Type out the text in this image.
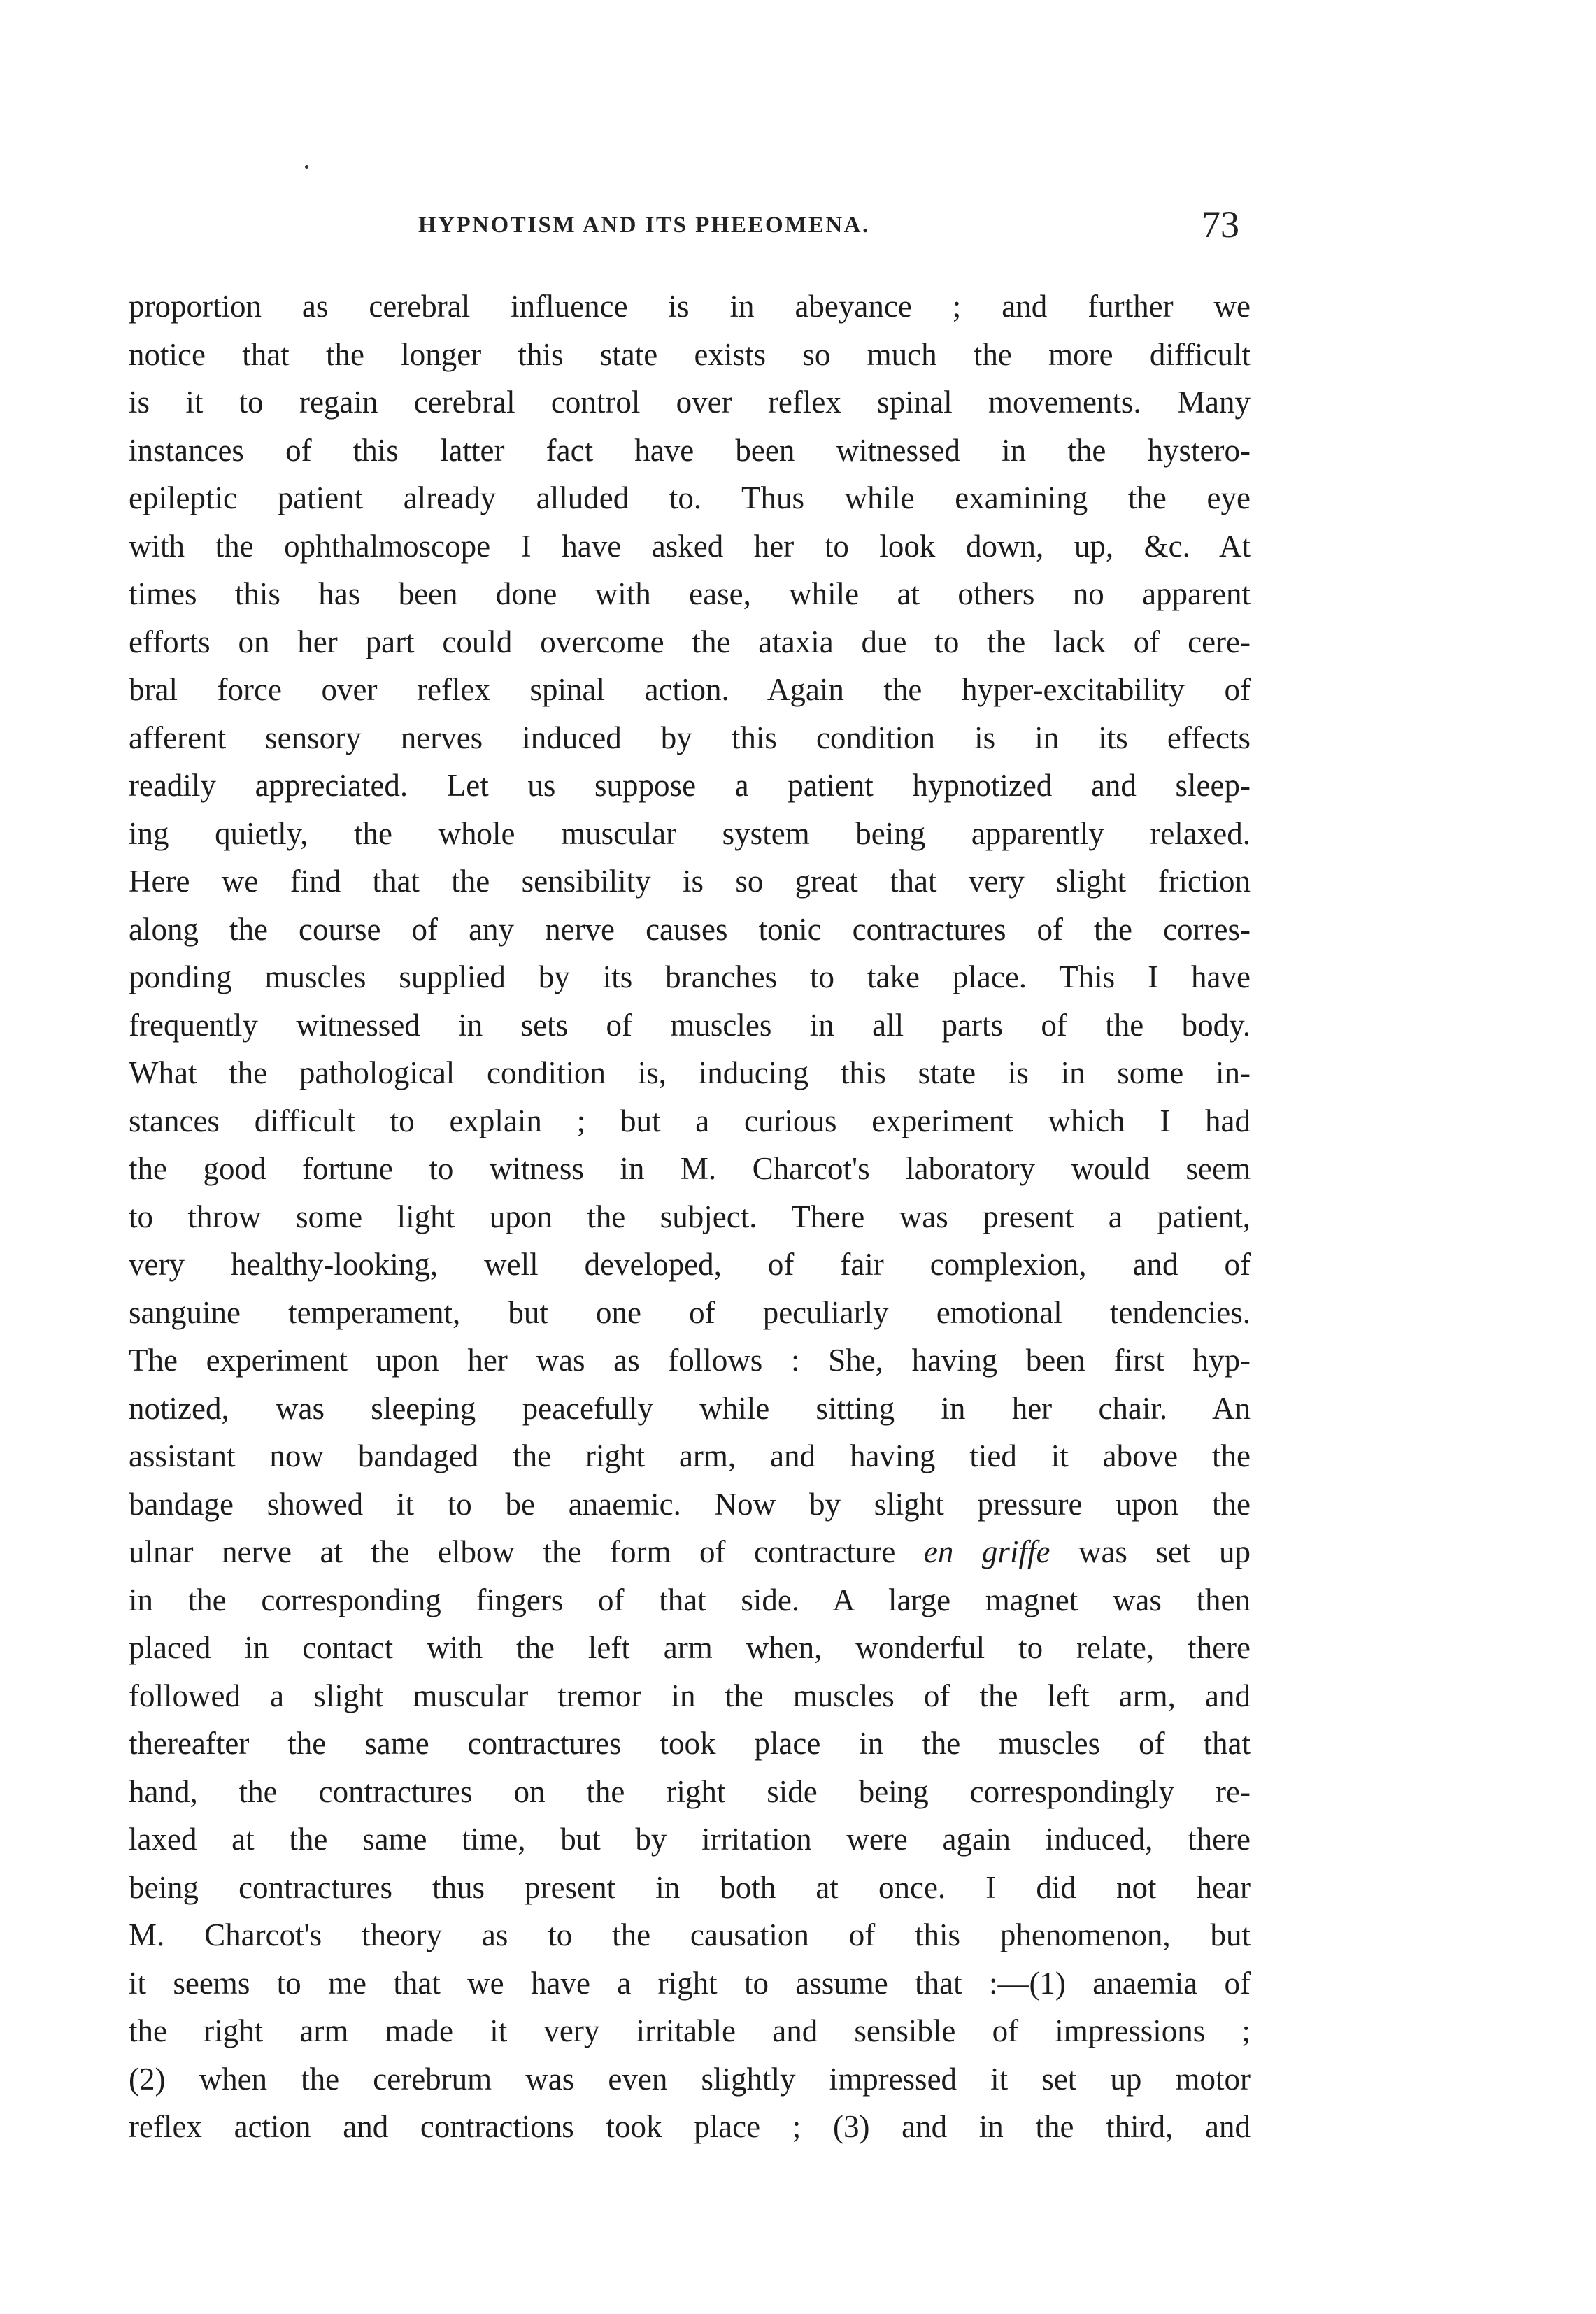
HYPNOTISM AND ITS PHEEOMENA.	73
proportion as cerebral influence is in abeyance ; and further we
notice that the longer this state exists so much the more difficult
is it to regain cerebral control over reflex spinal movements. Many
instances of this latter fact have been witnessed in the hystero-
epileptic patient already alluded to. Thus while examining the eye
with the ophthalmoscope I have asked her to look down, up, &c. At
times this has been done with ease, while at others no apparent
efforts on her part could overcome the ataxia due to the lack of cere-
bral force over reflex spinal action. Again the hyper-excitability of
afferent sensory nerves induced by this condition is in its effects
readily appreciated. Let us suppose a patient hypnotized and sleep-
ing quietly, the whole muscular system being apparently relaxed.
Here we find that the sensibility is so great that very slight friction
along the course of any nerve causes tonic contractures of the corres-
ponding muscles supplied by its branches to take place. This I have
frequently witnessed in sets of muscles in all parts of the body.
What the pathological condition is, inducing this state is in some in-
stances difficult to explain ; but a curious experiment which I had
the good fortune to witness in M. Charcot's laboratory would seem
to throw some light upon the subject. There was present a patient,
very healthy-looking, well developed, of fair complexion, and of
sanguine temperament, but one of peculiarly emotional tendencies.
The experiment upon her was as follows : She, having been first hyp-
notized, was sleeping peacefully while sitting in her chair. An
assistant now bandaged the right arm, and having tied it above the
bandage showed it to be anaemic. Now by slight pressure upon the
ulnar nerve at the elbow the form of contracture en griffe was set up
in the corresponding fingers of that side. A large magnet was then
placed in contact with the left arm when, wonderful to relate, there
followed a slight muscular tremor in the muscles of the left arm, and
thereafter the same contractures took place in the muscles of that
hand, the contractures on the right side being correspondingly re-
laxed at the same time, but by irritation were again induced, there
being contractures thus present in both at once. I did not hear
M. Charcot's theory as to the causation of this phenomenon, but
it seems to me that we have a right to assume that :—(1) anaemia of
the right arm made it very irritable and sensible of impressions ;
(2) when the cerebrum was even slightly impressed it set up motor
reflex action and contractions took place ; (3) and in the third, and
